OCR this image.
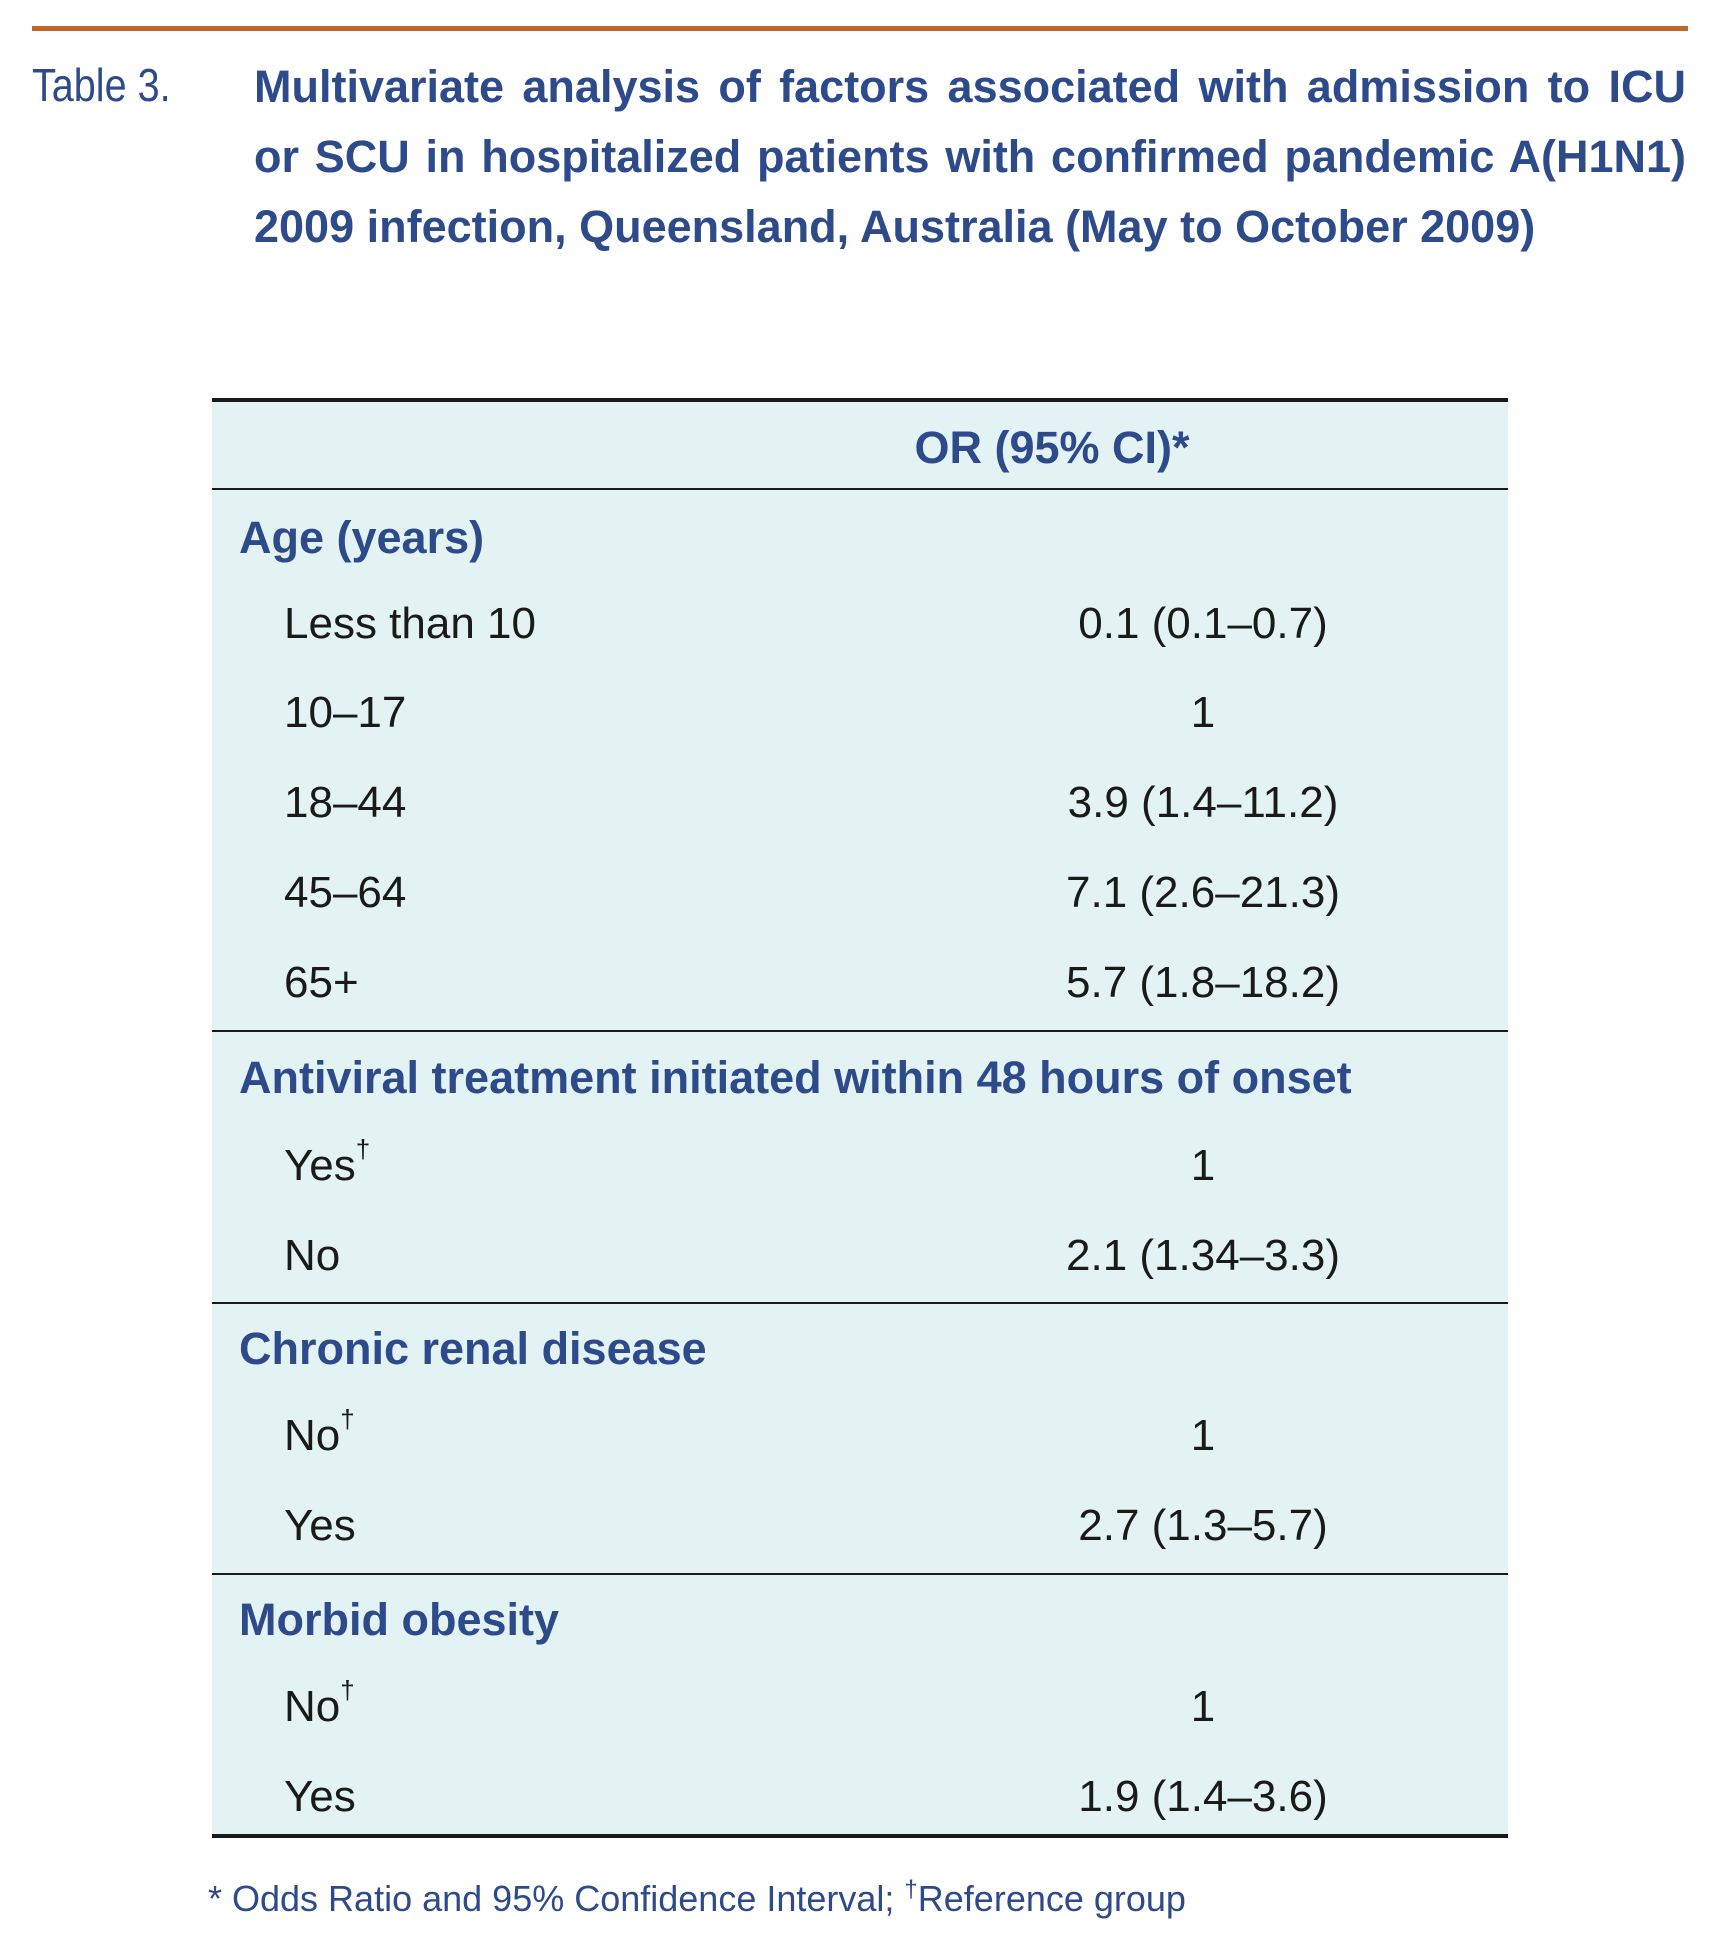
Table 3. Multivariate analysis of factors associated with admission to ICU or SCU in hospitalized patients with confirmed pandemic A(H1N1) 2009 infection, Queensland, Australia (May to October 2009)
OR (95% CI)*
Age (years)
Less than 10	0.1 (0.1–0.7)
10–17	1
18–44	3.9 (1.4–11.2)
45–64	7.1 (2.6–21.3)
65+	5.7 (1.8–18.2)
Antiviral treatment initiated within 48 hours of onset
Yes†	1
No	2.1 (1.34–3.3)
Chronic renal disease
No†	1
Yes	2.7 (1.3–5.7)
Morbid obesity
No†	1
Yes	1.9 (1.4–3.6)
* Odds Ratio and 95% Confidence Interval; †Reference group
